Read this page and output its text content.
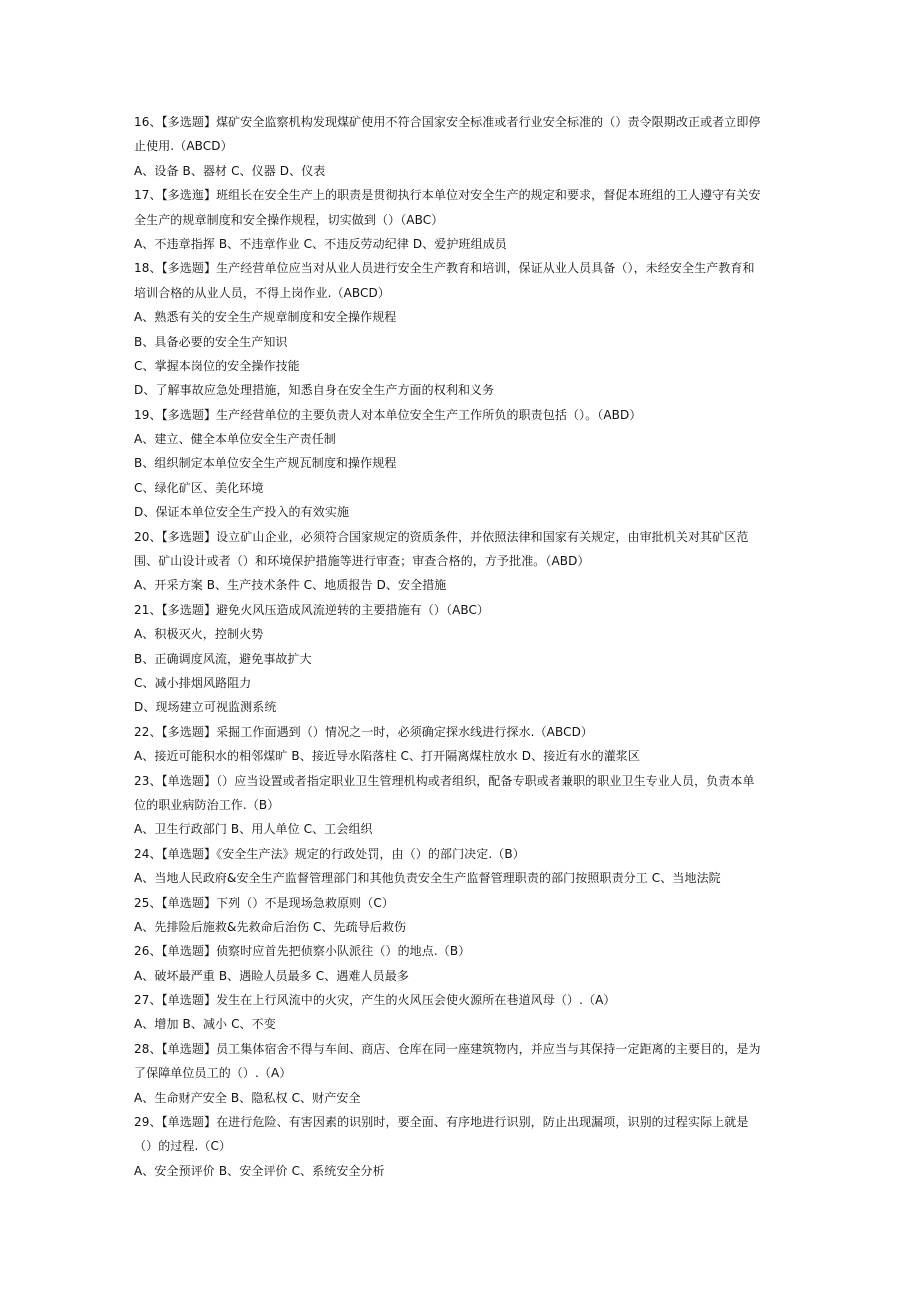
16、【多选题】煤矿安全监察机构发现煤矿使用不符合国家安全标准或者行业安全标准的（）责令限期改正或者立即停
止使用.（ABCD）
A、设备 B、器材 C、仪器 D、仪表
17、【多选迤】班组长在安全生产上的职责是贯彻执行本单位对安全生产的规定和要求，督促本班组的工人遵守有关安
全生产的规章制度和安全操作规程，切实做到（）（ABC）
A、不违章指挥 B、不违章作业 C、不违反劳动纪律 D、爱护班组成员
18、【多选题】生产经营单位应当对从业人员进行安全生产教育和培训，保证从业人员具备（），未经安全生产教育和
培训合格的从业人员，不得上岗作业.（ABCD）
A、熟悉有关的安全生产规章制度和安全操作规程
B、具备必要的安全生产知识
C、掌握本岗位的安全操作技能
D、了解事故应急处理措施，知悉自身在安全生产方面的权利和义务
19、【多选题】生产经营单位的主要负责人对本单位安全生产工作所负的职责包括（）。（ABD）
A、建立、健全本单位安全生产责任制
B、组织制定本单位安全生产规瓦制度和操作规程
C、绿化矿区、美化环境
D、保证本单位安全生产投入的有效实施
20、【多选题】设立矿山企业，必须符合国家规定的资质条件，并依照法律和国家有关规定，由审批机关对其矿区范
围、矿山设计或者（）和环境保护措施等进行审查；审查合格的，方予批准。（ABD）
A、开采方案 B、生产技术条件 C、地质报告 D、安全措施
21、【多选题】避免火风压造成风流逆转的主要措施有（）（ABC）
A、积极灭火，控制火势
B、正确调度风流，避免事故扩大
C、减小排烟风路阻力
D、现场建立可视监测系统
22、【多选题】采掘工作面遇到（）情况之一时，必须确定探水线进行探水.（ABCD）
A、接近可能积水的相邻煤旷 B、接近导水陷落柱 C、打开隔离煤柱放水 D、接近有水的灌浆区
23、【单选题】（）应当设置或者指定职业卫生管理机构或者组织，配备专职或者兼职的职业卫生专业人员，负责本单
位的职业病防治工作.（B）
A、卫生行政部门 B、用人单位 C、工会组织
24、【单选题】《安全生产法》规定的行政处罚，由（）的部门决定.（B）
A、当地人民政府&安全生产监督管理部门和其他负责安全生产监督管理职责的部门按照职责分工 C、当地法院
25、【单选题】下列（）不是现场急救原则（C）
A、先排险后施救&先救命后治伤 C、先疏导后救伤
26、【单选题】侦察时应首先把侦察小队派往（）的地点.（B）
A、破坏最严重 B、遇睑人员最多 C、遇难人员最多
27、【单选题】发生在上行风流中的火灾，产生的火风压会使火源所在巷道风母（）.（A）
A、增加 B、减小 C、不变
28、【单选题】员工集体宿舍不得与车间、商店、仓库在同一座建筑物内，并应当与其保持一定距离的主要目的，是为
了保障单位员工的（）.（A）
A、生命财产安全 B、隐私权 C、财产安全
29、【单选题】在进行危险、有害因素的识别时，要全面、有序地进行识别，防止出现漏项，识别的过程实际上就是
（）的过程.（C）
A、安全预评价 B、安全评价 C、系统安全分析
